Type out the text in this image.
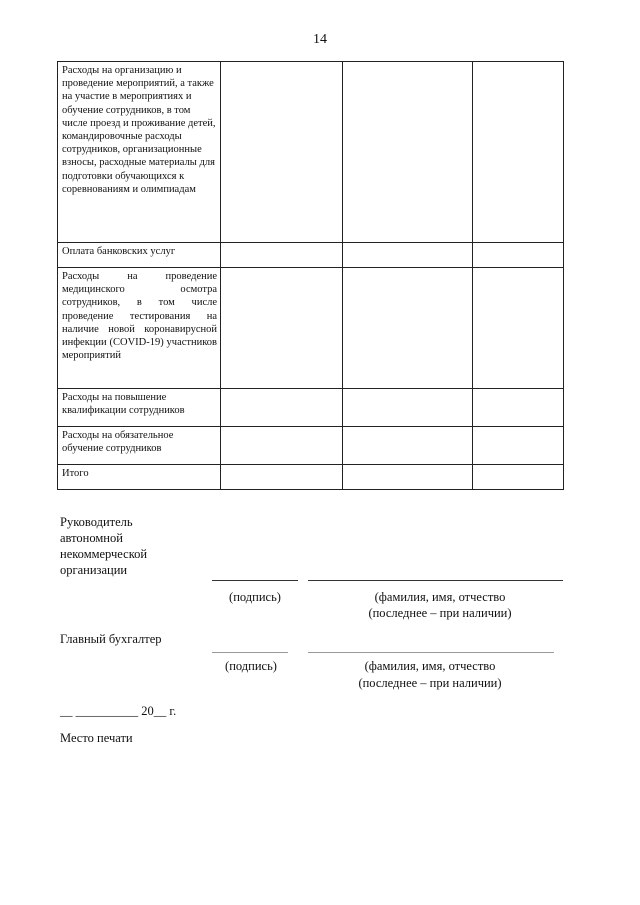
14
Расходы на организацию и проведение мероприятий, а также на участие в мероприятиях и обучение сотрудников, в том числе проезд и проживание детей, командировочные расходы сотрудников, организационные взносы, расходные материалы для подготовки обучающихся к соревнованиям и олимпиадам			
Оплата банковских услуг			
Расходы на проведение медицинского осмотра сотрудников, в том числе проведение тестирования на наличие новой коронавирусной инфекции (COVID-19) участников мероприятий			
Расходы на повышение квалификации сотрудников			
Расходы на обязательное обучение сотрудников			
Итого			
Руководитель
автономной
некоммерческой
организации
(подпись)	(фамилия, имя, отчество
(последнее – при наличии)
Главный бухгалтер
(подпись)	(фамилия, имя, отчество
(последнее – при наличии)
__ __________ 20__ г.
Место печати
